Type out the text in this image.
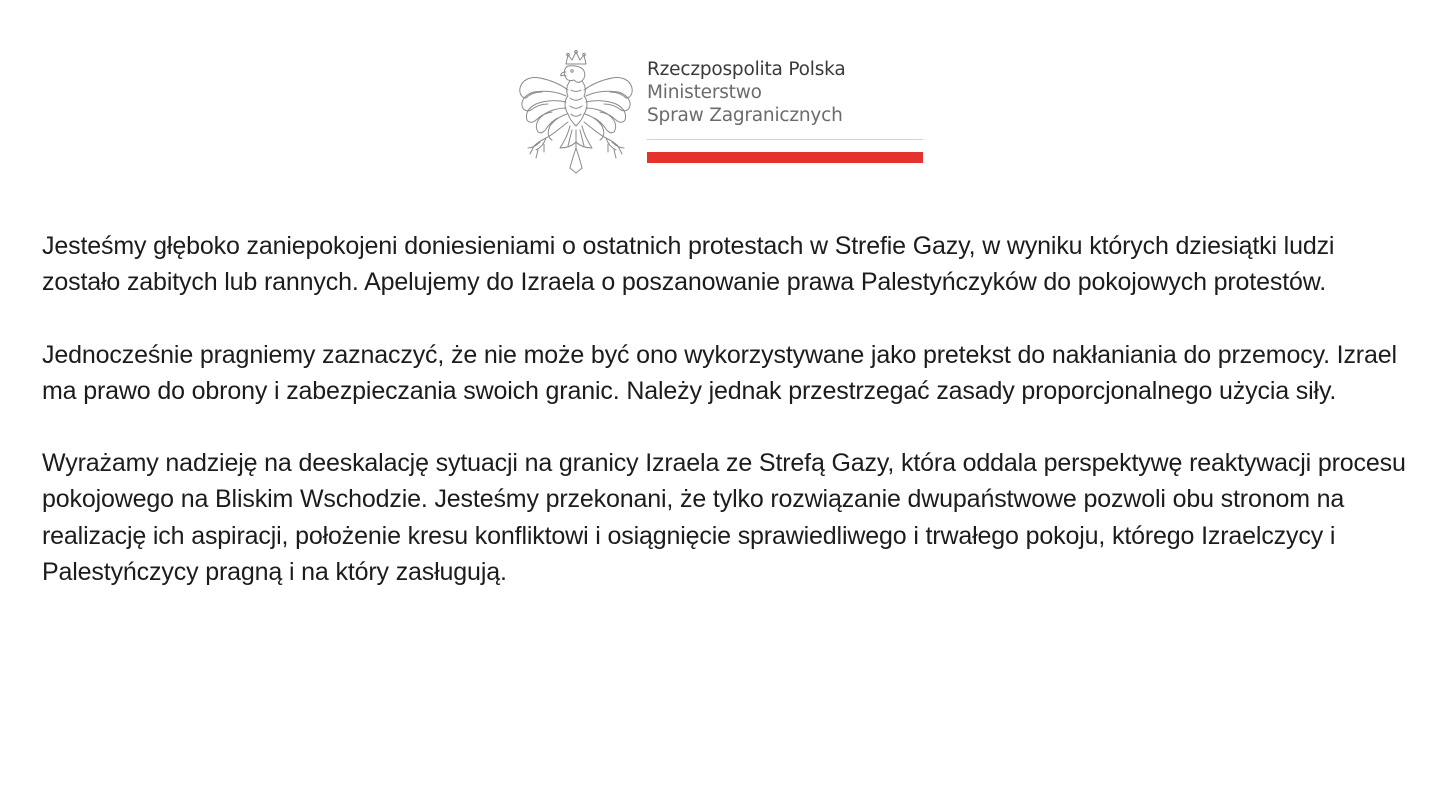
Rzeczpospolita Polska
Ministerstwo
Spraw Zagranicznych

Jesteśmy głęboko zaniepokojeni doniesieniami o ostatnich protestach w Strefie Gazy, w wyniku których dziesiątki ludzi zostało zabitych lub rannych. Apelujemy do Izraela o poszanowanie prawa Palestyńczyków do pokojowych protestów.

Jednocześnie pragniemy zaznaczyć, że nie może być ono wykorzystywane jako pretekst do nakłaniania do przemocy. Izrael ma prawo do obrony i zabezpieczania swoich granic. Należy jednak przestrzegać zasady proporcjonalnego użycia siły.

Wyrażamy nadzieję na deeskalację sytuacji na granicy Izraela ze Strefą Gazy, która oddala perspektywę reaktywacji procesu pokojowego na Bliskim Wschodzie. Jesteśmy przekonani, że tylko rozwiązanie dwupaństwowe pozwoli obu stronom na realizację ich aspiracji, położenie kresu konfliktowi i osiągnięcie sprawiedliwego i trwałego pokoju, którego Izraelczycy i Palestyńczycy pragną i na który zasługują.
